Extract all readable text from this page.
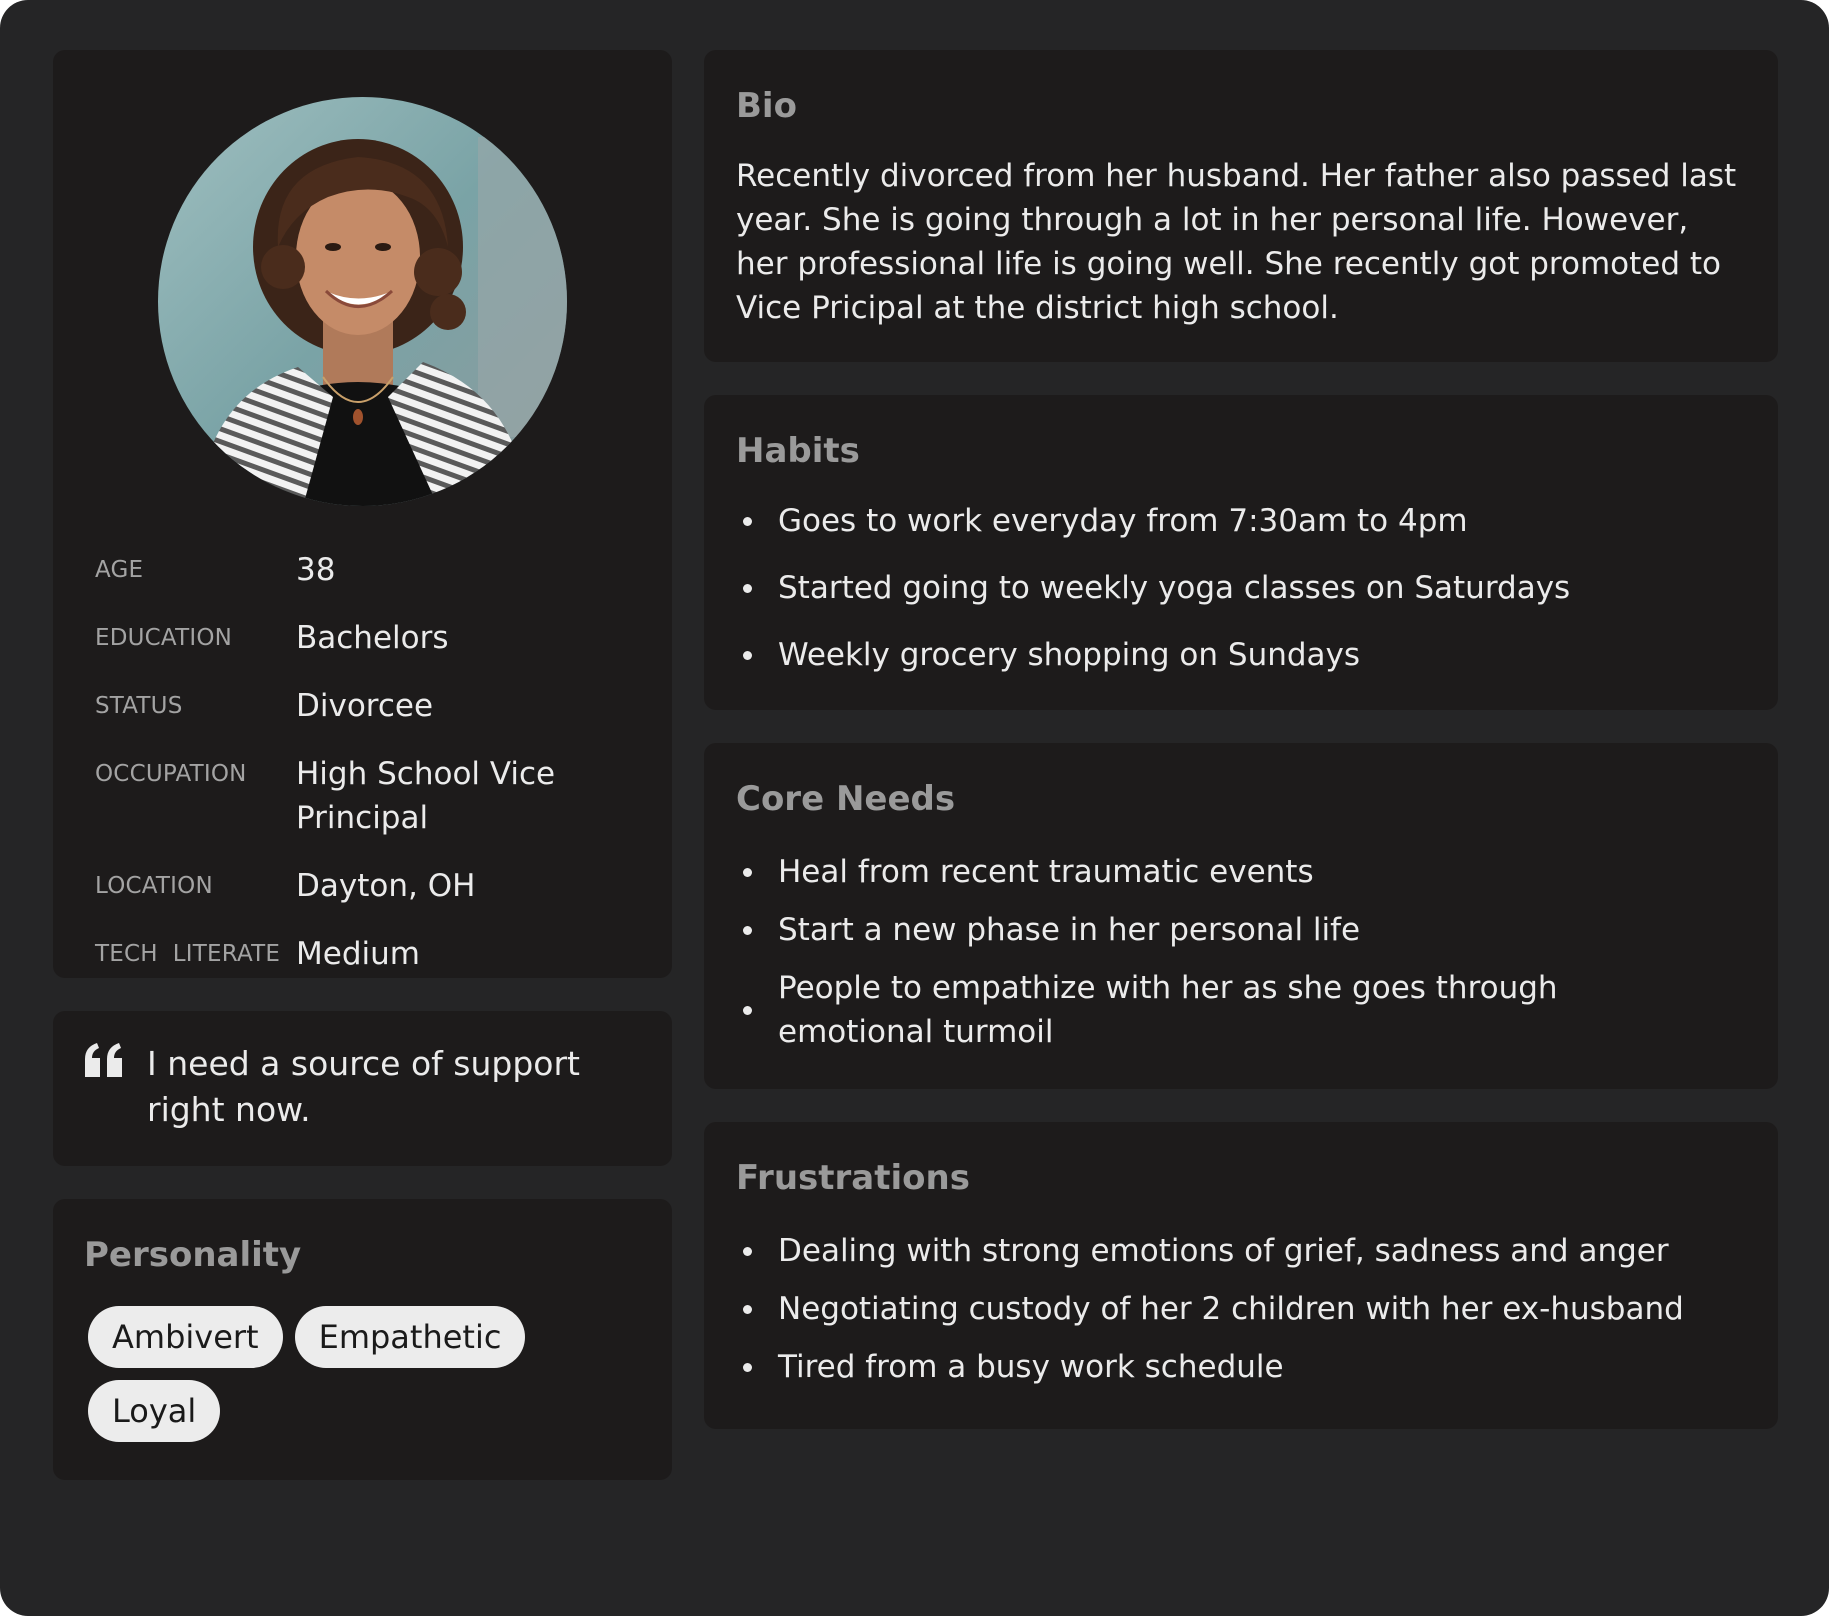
AGE	38
EDUCATION	Bachelors
STATUS	Divorcee
OCCUPATION	High School Vice Principal
LOCATION	Dayton, OH
TECH  LITERATE Medium
I need a source of support right now.
Personality
Ambivert	Empathetic
Loyal
Bio
Recently divorced from her husband. Her father also passed last year. She is going through a lot in her personal life. However, her professional life is going well. She recently got promoted to Vice Pricipal at the district high school.
Habits
Goes to work everyday from 7:30am to 4pm
Started going to weekly yoga classes on Saturdays
Weekly grocery shopping on Sundays
Core Needs
Heal from recent traumatic events
Start a new phase in her personal life
People to empathize with her as she goes through emotional turmoil
Frustrations
Dealing with strong emotions of grief, sadness and anger
Negotiating custody of her 2 children with her ex-husband
Tired from a busy work schedule
